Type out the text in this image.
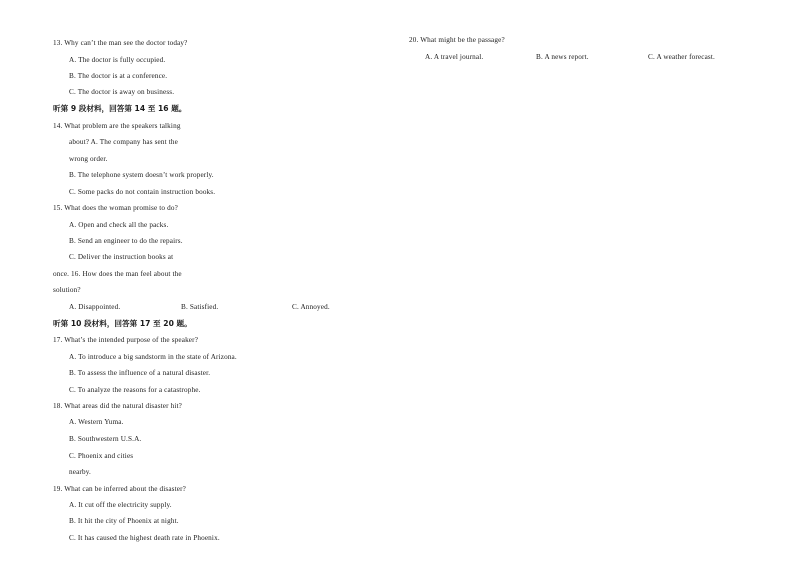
13. Why can’t the man see the doctor today?
A. The doctor is fully occupied.
B. The doctor is at a conference.
C. The doctor is away on business.
听第 9 段材料，回答第 14 至 16 题。
14. What problem are the speakers talking
about? A. The company has sent the
wrong order.
B. The telephone system doesn’t work properly.
C. Some packs do not contain instruction books.
15. What does the woman promise to do?
A. Open and check all the packs.
B. Send an engineer to do the repairs.
C. Deliver the instruction books at
once. 16. How does the man feel about the
solution?
A. Disappointed.	B. Satisfied.	C. Annoyed.
听第 10 段材料，回答第 17 至 20 题。
17. What’s the intended purpose of the speaker?
A. To introduce a big sandstorm in the state of Arizona.
B. To assess the influence of a natural disaster.
C. To analyze the reasons for a catastrophe.
18. What areas did the natural disaster hit?
A. Western Yuma.
B. Southwestern U.S.A.
C. Phoenix and cities
nearby.
19. What can be inferred about the disaster?
A. It cut off the electricity supply.
B. It hit the city of Phoenix at night.
C. It has caused the highest death rate in Phoenix.
20. What might be the passage?
A. A travel journal.	B. A news report.	C. A weather forecast.
